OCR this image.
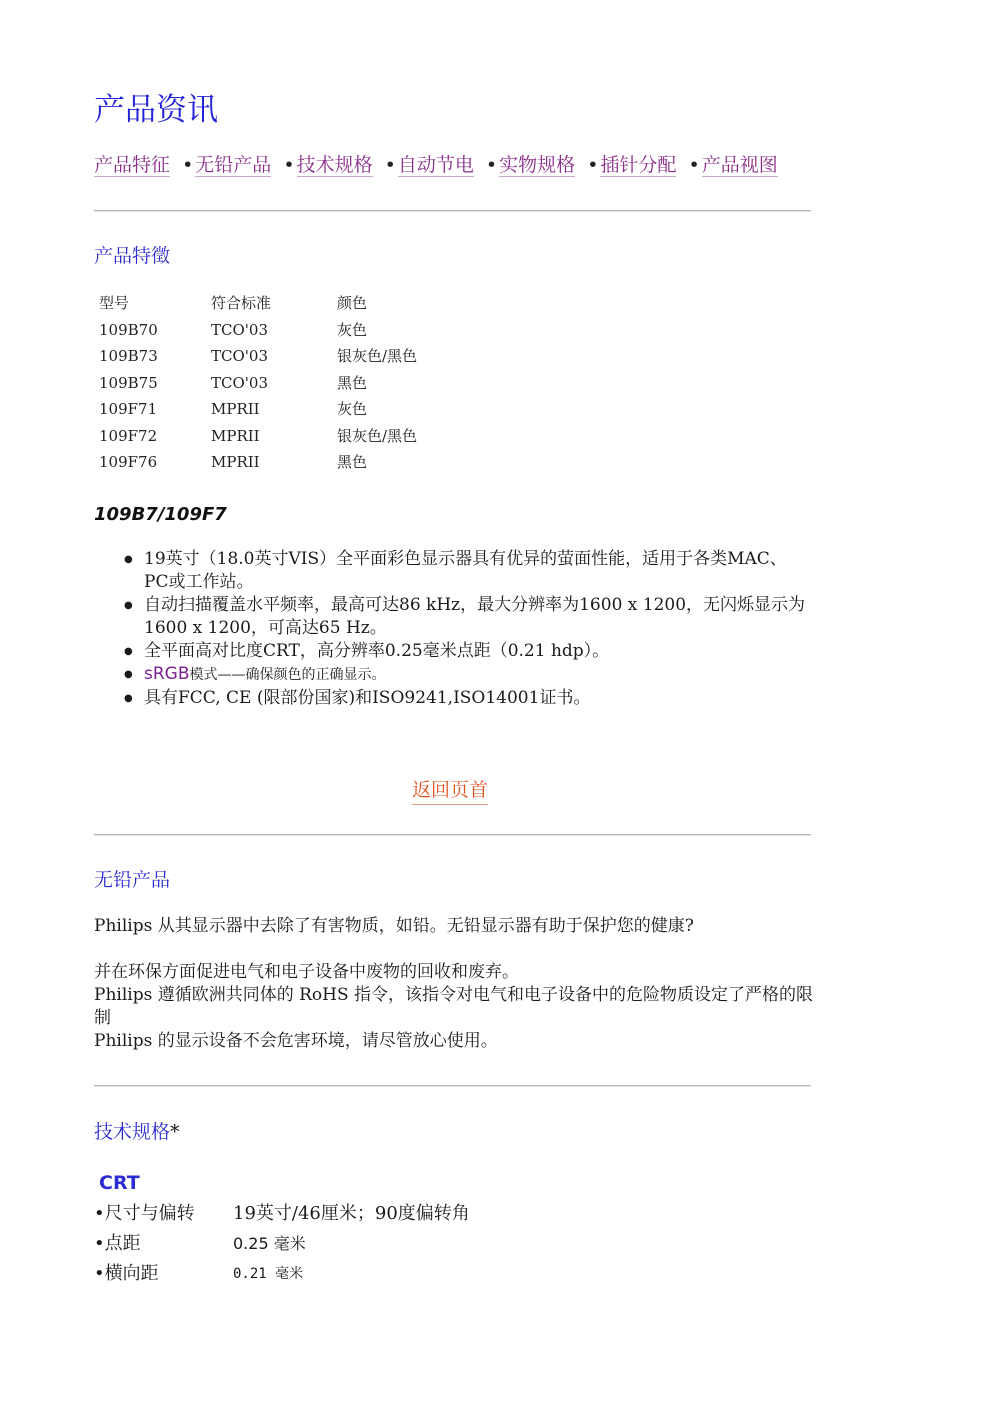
产品资讯
产品特征 • 无铅产品 • 技术规格 • 自动节电 • 实物规格 • 插针分配 • 产品视图
产品特徵
型号	符合标准	颜色
109B70	TCO'03	灰色
109B73	TCO'03	银灰色/黑色
109B75	TCO'03	黑色
109F71	MPRII	灰色
109F72	MPRII	银灰色/黑色
109F76	MPRII	黑色
109B7/109F7
● 19英寸（18.0英寸VIS）全平面彩色显示器具有优异的萤面性能，适用于各类MAC、PC或工作站。
● 自动扫描覆盖水平频率，最高可达86 kHz，最大分辨率为1600 x 1200，无闪烁显示为1600 x 1200，可高达65 Hz。
● 全平面高对比度CRT，高分辨率0.25毫米点距（0.21 hdp）。
● sRGB模式——确保颜色的正确显示。
● 具有FCC, CE (限部份国家)和ISO9241,ISO14001证书。
返回页首
无铅产品

Philips 从其显示器中去除了有害物质，如铅。无铅显示器有助于保护您的健康?

并在环保方面促进电气和电子设备中废物的回收和废弃。

Philips 遵循欧洲共同体的 RoHS 指令，该指令对电气和电子设备中的危险物质设定了严格的限制

Philips 的显示设备不会危害环境，请尽管放心使用。

技术规格*
CRT
•尺寸与偏转	19英寸/46厘米；90度偏转角
•点距	0.25 毫米
•横向距	0.21 毫米
